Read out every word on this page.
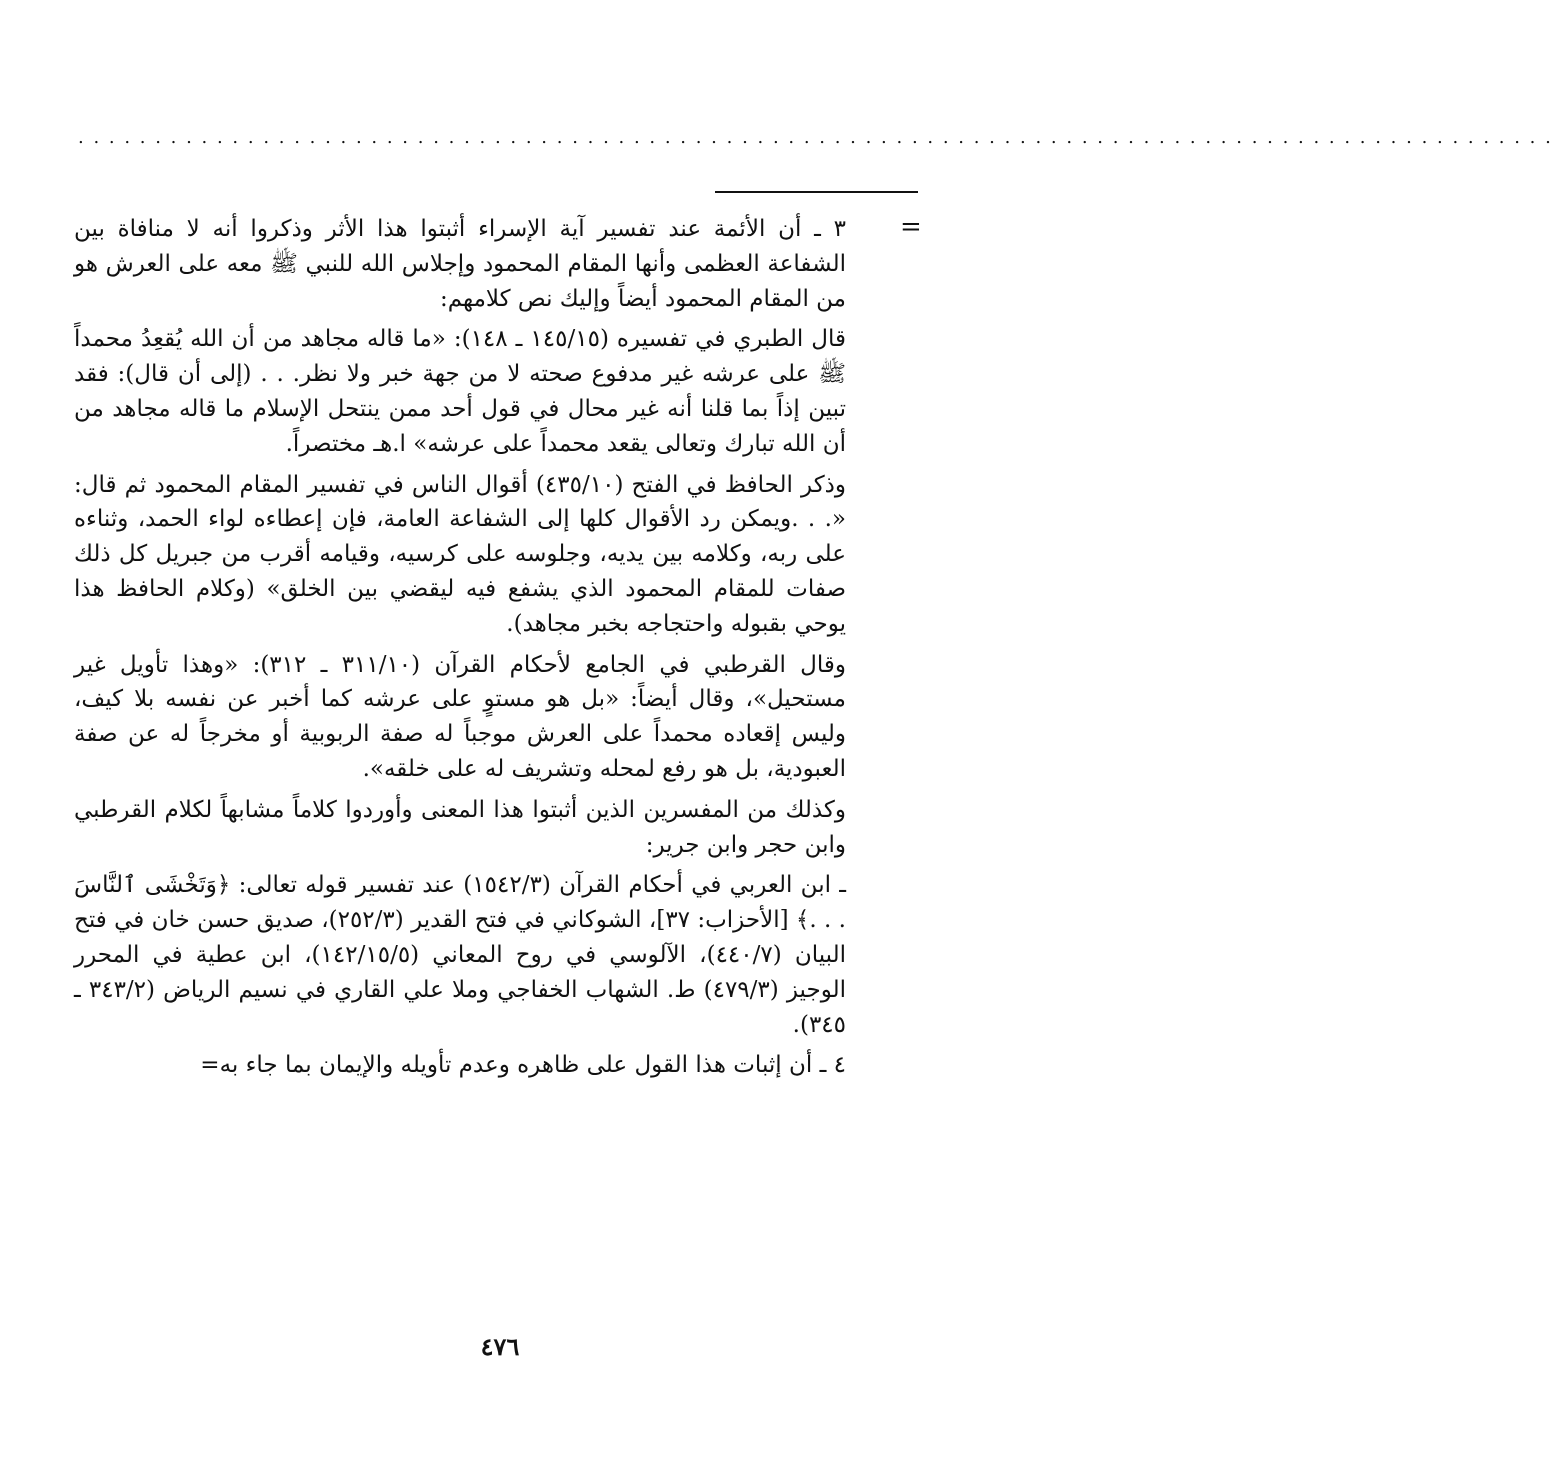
. . . . . . . . . . . . . . . . . . . . . . . . . . . . . . . . . . . . . . . . . . . . . . . . . . . . . . . . . . . . . . . . . . . . . . . . . . . . . . . . . . . . . . . . . . . . . . . .
=

٣ ـ أن الأئمة عند تفسير آية الإسراء أثبتوا هذا الأثر وذكروا أنه لا منافاة بين الشفاعة العظمى وأنها المقام المحمود وإجلاس الله للنبي ﷺ معه على العرش هو من المقام المحمود أيضاً وإليك نص كلامهم:

قال الطبري في تفسيره (١٤٥/١٥ ـ ١٤٨): «ما قاله مجاهد من أن الله يُقعِدُ محمداً ﷺ على عرشه غير مدفوع صحته لا من جهة خبر ولا نظر. . . (إلى أن قال): فقد تبين إذاً بما قلنا أنه غير محال في قول أحد ممن ينتحل الإسلام ما قاله مجاهد من أن الله تبارك وتعالى يقعد محمداً على عرشه» ا.هـ مختصراً.

وذكر الحافظ في الفتح (٤٣٥/١٠) أقوال الناس في تفسير المقام المحمود ثم قال: «. . .ويمكن رد الأقوال كلها إلى الشفاعة العامة، فإن إعطاءه لواء الحمد، وثناءه على ربه، وكلامه بين يديه، وجلوسه على كرسيه، وقيامه أقرب من جبريل كل ذلك صفات للمقام المحمود الذي يشفع فيه ليقضي بين الخلق» (وكلام الحافظ هذا يوحي بقبوله واحتجاجه بخبر مجاهد).

وقال القرطبي في الجامع لأحكام القرآن (٣١١/١٠ ـ ٣١٢): «وهذا تأويل غير مستحيل»، وقال أيضاً: «بل هو مستوٍ على عرشه كما أخبر عن نفسه بلا كيف، وليس إقعاده محمداً على العرش موجباً له صفة الربوبية أو مخرجاً له عن صفة العبودية، بل هو رفع لمحله وتشريف له على خلقه».

وكذلك من المفسرين الذين أثبتوا هذا المعنى وأوردوا كلاماً مشابهاً لكلام القرطبي وابن حجر وابن جرير:

ـ ابن العربي في أحكام القرآن (١٥٤٢/٣) عند تفسير قوله تعالى: ﴿وَتَخْشَى ٱلنَّاسَ . . .﴾ [الأحزاب: ٣٧]، الشوكاني في فتح القدير (٢٥٢/٣)، صديق حسن خان في فتح البيان (٤٤٠/٧)، الآلوسي في روح المعاني (١٤٢/١٥/٥)، ابن عطية في المحرر الوجيز (٤٧٩/٣) ط. الشهاب الخفاجي وملا علي القاري في نسيم الرياض (٣٤٣/٢ ـ ٣٤٥).

٤ ـ أن إثبات هذا القول على ظاهره وعدم تأويله والإيمان بما جاء به=

٤٧٦
